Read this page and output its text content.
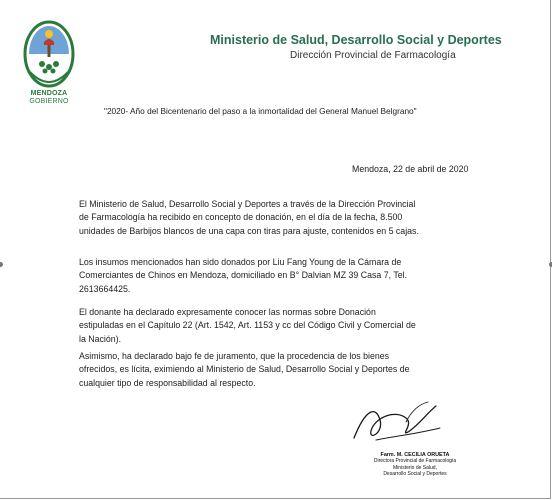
MENDOZA
GOBIERNO
Ministerio de Salud, Desarrollo Social y Deportes
Dirección Provincial de Farmacología
"2020- Año del Bicentenario del paso a la inmortalidad del General Manuel Belgrano"
Mendoza, 22 de abril de 2020
El Ministerio de Salud, Desarrollo Social y Deportes a través de la Dirección Provincial
de Farmacología ha recibido en concepto de donación, en el día de la fecha, 8.500
unidades de Barbijos blancos de una capa con tiras para ajuste, contenidos en 5 cajas.
Los insumos mencionados han sido donados por Liu Fang Young de la Cámara de
Comerciantes de Chinos en Mendoza, domiciliado en B° Dalvian MZ 39 Casa 7, Tel.
2613664425.
El donante ha declarado expresamente conocer las normas sobre Donación
estipuladas en el Capítulo 22 (Art. 1542, Art. 1153 y cc del Código Civil y Comercial de
la Nación).
Asimismo, ha declarado bajo fe de juramento, que la procedencia de los bienes
ofrecidos, es lícita, eximiendo al Ministerio de Salud, Desarrollo Social y Deportes de
cualquier tipo de responsabilidad al respecto.
Farm. M. CECILIA ORUETA
Directora Provincial de Farmacología
Ministerio de Salud,
Desarrollo Social y Deportes
